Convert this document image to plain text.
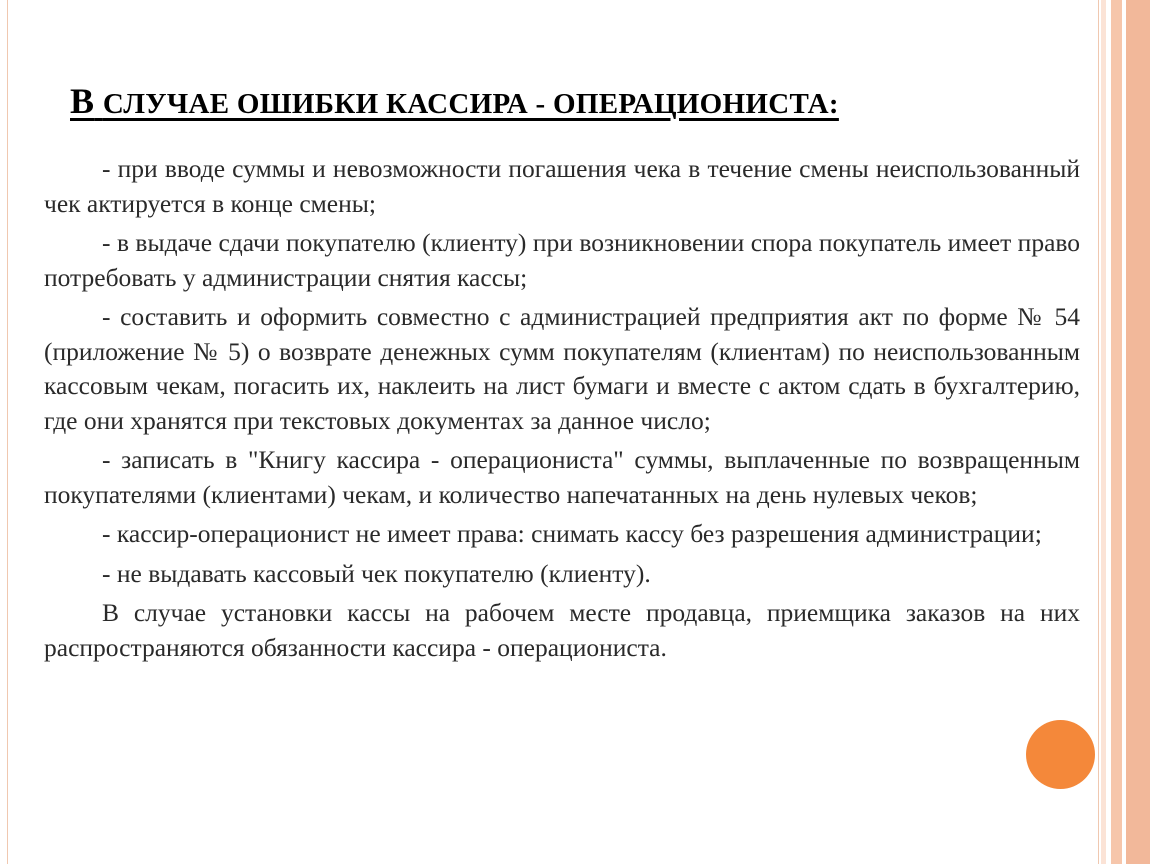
В СЛУЧАЕ ОШИБКИ КАССИРА - ОПЕРАЦИОНИСТА:

- при вводе суммы и невозможности погашения чека в течение смены неиспользованный чек актируется в конце смены;

- в выдаче сдачи покупателю (клиенту) при возникновении спора покупатель имеет право потребовать у администрации снятия кассы;

- составить и оформить совместно с администрацией предприятия акт по форме № 54 (приложение № 5) о возврате денежных сумм покупателям (клиентам) по неиспользованным кассовым чекам, погасить их, наклеить на лист бумаги и вместе с актом сдать в бухгалтерию, где они хранятся при текстовых документах за данное число;

- записать в "Книгу кассира - операциониста" суммы, выплаченные по возвращенным покупателями (клиентами) чекам, и количество напечатанных на день нулевых чеков;

- кассир-операционист не имеет права: снимать кассу без разрешения администрации;

- не выдавать кассовый чек покупателю (клиенту).

В случае установки кассы на рабочем месте продавца, приемщика заказов на них распространяются обязанности кассира - операциониста.
